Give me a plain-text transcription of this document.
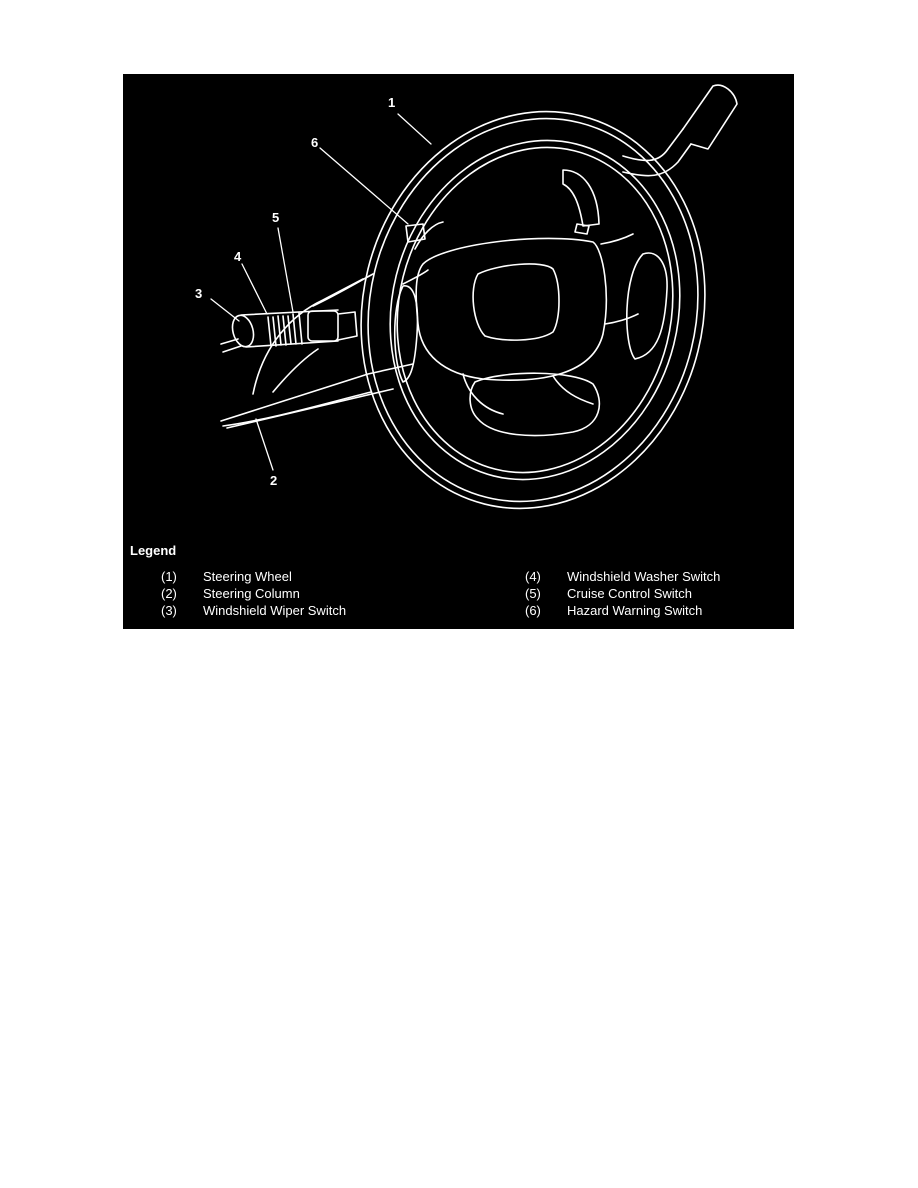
1
2
3
4
5
6
Legend
(1) Steering Wheel
(2) Steering Column
(3) Windshield Wiper Switch
(4) Windshield Washer Switch
(5) Cruise Control Switch
(6) Hazard Warning Switch
